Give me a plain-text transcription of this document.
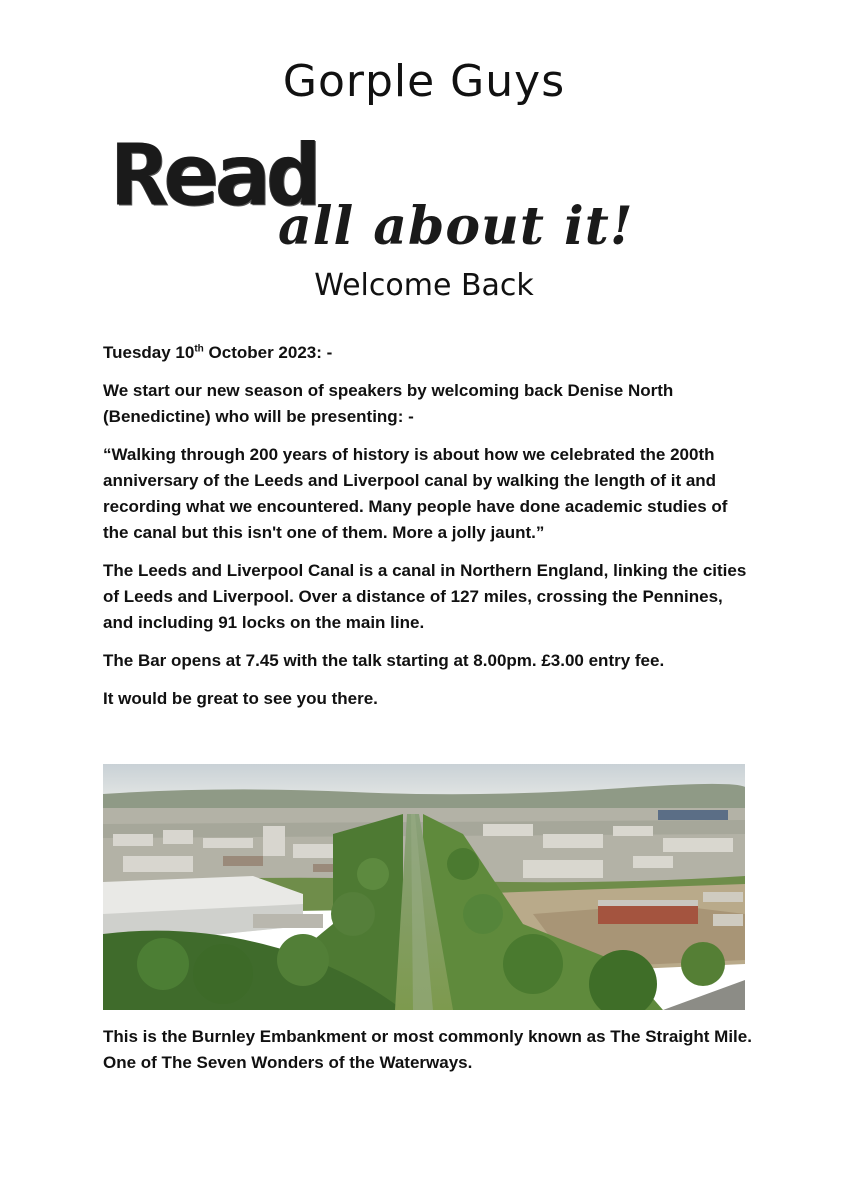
Gorple Guys
Read
all about it!
Welcome Back

Tuesday 10th October 2023: -

We start our new season of speakers by welcoming back Denise North (Benedictine) who will be presenting: -

“Walking through 200 years of history is about how we celebrated the 200th anniversary of the Leeds and Liverpool canal by walking the length of it and recording what we encountered. Many people have done academic studies of the canal but this isn't one of them. More a jolly jaunt.”

The Leeds and Liverpool Canal is a canal in Northern England, linking the cities of Leeds and Liverpool. Over a distance of 127 miles, crossing the Pennines, and including 91 locks on the main line.

The Bar opens at 7.45 with the talk starting at 8.00pm. £3.00 entry fee.

It would be great to see you there.

This is the Burnley Embankment or most commonly known as The Straight Mile. One of The Seven Wonders of the Waterways.
